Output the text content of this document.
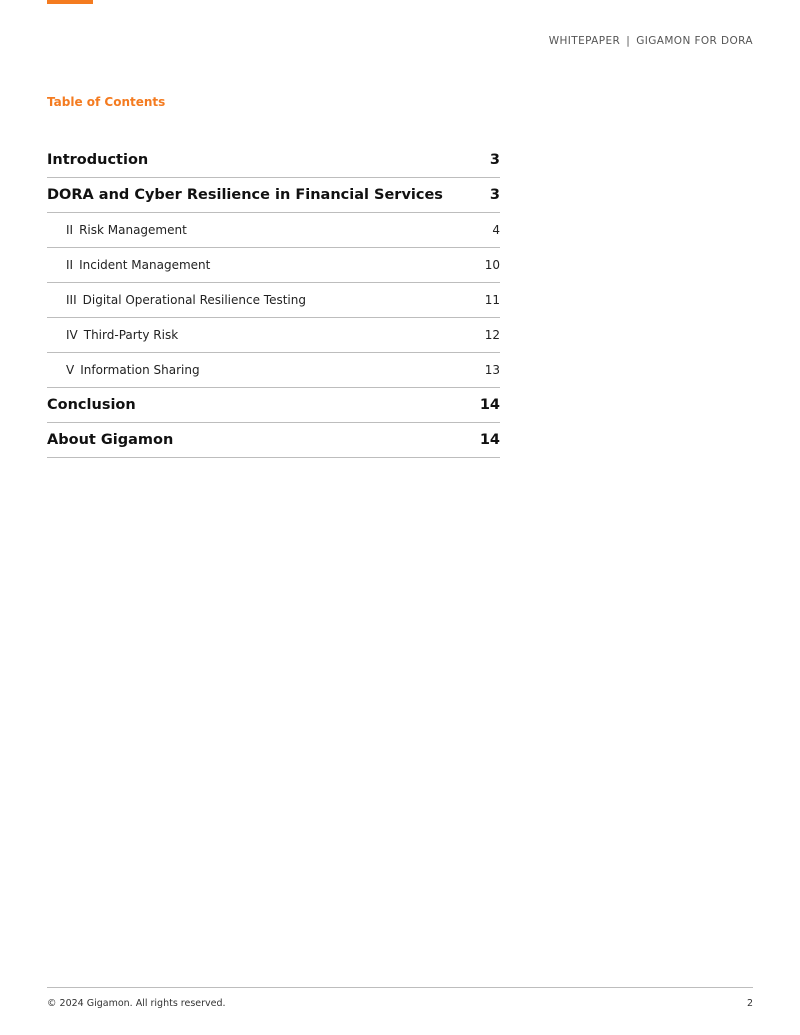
WHITEPAPER | GIGAMON FOR DORA
Table of Contents
Introduction	3
DORA and Cyber Resilience in Financial Services	3
II Risk Management	4
II Incident Management	10
III Digital Operational Resilience Testing	11
IV Third-Party Risk	12
V Information Sharing	13
Conclusion	14
About Gigamon	14
© 2024 Gigamon. All rights reserved.	2
